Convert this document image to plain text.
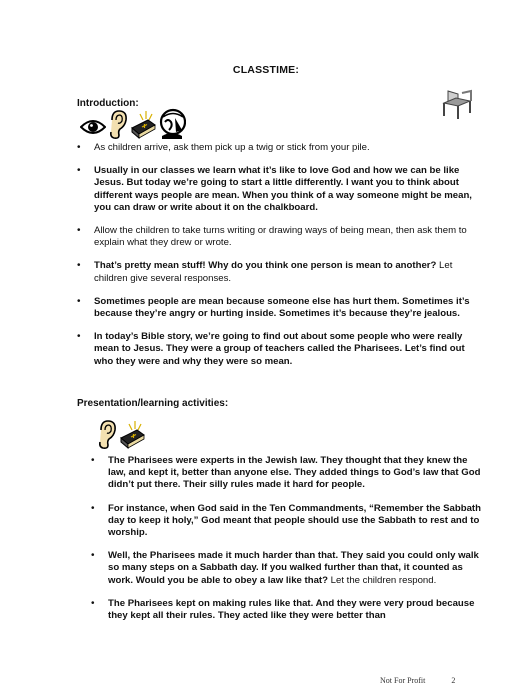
CLASSTIME:
Introduction:
• As children arrive, ask them pick up a twig or stick from your pile.
• Usually in our classes we learn what it’s like to love God and how we can be like Jesus. But today we’re going to start a little differently. I want you to think about different ways people are mean. When you think of a way someone might be mean, you can draw or write about it on the chalkboard.
• Allow the children to take turns writing or drawing ways of being mean, then ask them to explain what they drew or wrote.
• That’s pretty mean stuff! Why do you think one person is mean to another? Let children give several responses.
• Sometimes people are mean because someone else has hurt them. Sometimes it’s because they’re angry or hurting inside. Sometimes it’s because they’re jealous.
• In today’s Bible story, we’re going to find out about some people who were really mean to Jesus. They were a group of teachers called the Pharisees. Let’s find out who they were and why they were so mean.
Presentation/learning activities:
• The Pharisees were experts in the Jewish law. They thought that they knew the law, and kept it, better than anyone else. They added things to God’s law that God didn’t put there. Their silly rules made it hard for people.
• For instance, when God said in the Ten Commandments, “Remember the Sabbath day to keep it holy,” God meant that people should use the Sabbath to rest and to worship.
• Well, the Pharisees made it much harder than that. They said you could only walk so many steps on a Sabbath day. If you walked further than that, it counted as work. Would you be able to obey a law like that? Let the children respond.
• The Pharisees kept on making rules like that. And they were very proud because they kept all their rules. They acted like they were better than
Not For Profit	2
